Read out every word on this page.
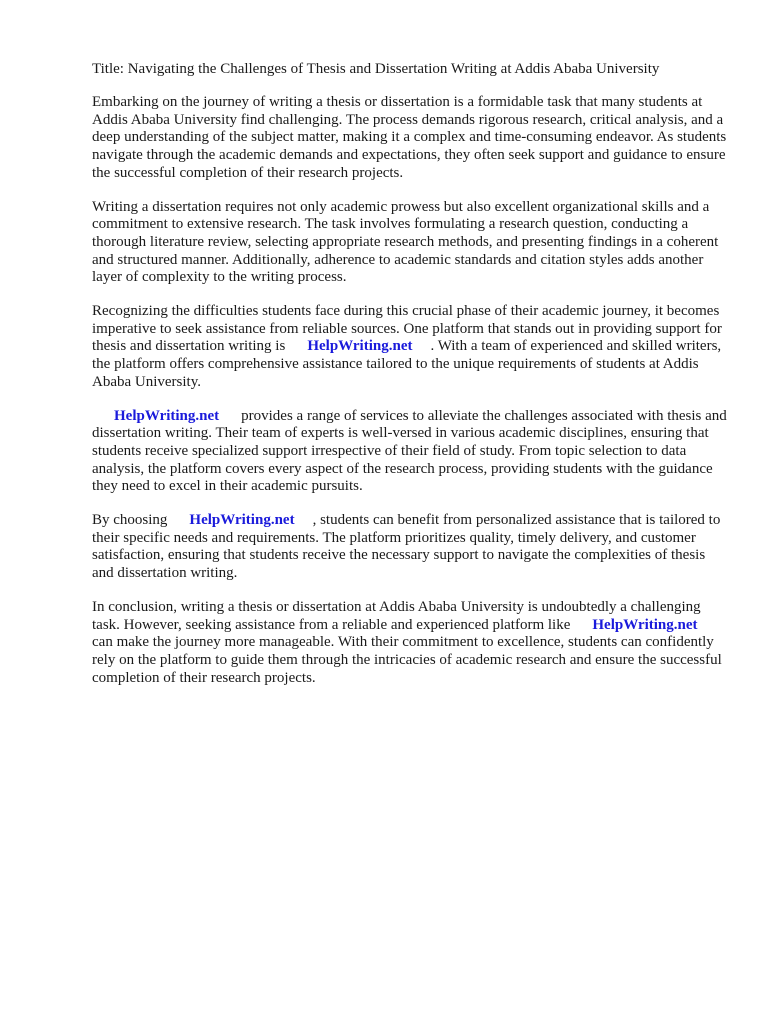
Title: Navigating the Challenges of Thesis and Dissertation Writing at Addis Ababa University

Embarking on the journey of writing a thesis or dissertation is a formidable task that many students at Addis Ababa University find challenging. The process demands rigorous research, critical analysis, and a deep understanding of the subject matter, making it a complex and time-consuming endeavor. As students navigate through the academic demands and expectations, they often seek support and guidance to ensure the successful completion of their research projects.

Writing a dissertation requires not only academic prowess but also excellent organizational skills and a commitment to extensive research. The task involves formulating a research question, conducting a thorough literature review, selecting appropriate research methods, and presenting findings in a coherent and structured manner. Additionally, adherence to academic standards and citation styles adds another layer of complexity to the writing process.

Recognizing the difficulties students face during this crucial phase of their academic journey, it becomes imperative to seek assistance from reliable sources. One platform that stands out in providing support for thesis and dissertation writing is HelpWriting.net . With a team of experienced and skilled writers, the platform offers comprehensive assistance tailored to the unique requirements of students at Addis Ababa University.

HelpWriting.net provides a range of services to alleviate the challenges associated with thesis and dissertation writing. Their team of experts is well-versed in various academic disciplines, ensuring that students receive specialized support irrespective of their field of study. From topic selection to data analysis, the platform covers every aspect of the research process, providing students with the guidance they need to excel in their academic pursuits.

By choosing HelpWriting.net , students can benefit from personalized assistance that is tailored to their specific needs and requirements. The platform prioritizes quality, timely delivery, and customer satisfaction, ensuring that students receive the necessary support to navigate the complexities of thesis and dissertation writing.

In conclusion, writing a thesis or dissertation at Addis Ababa University is undoubtedly a challenging task. However, seeking assistance from a reliable and experienced platform like HelpWriting.netcan make the journey more manageable. With their commitment to excellence, students can confidently rely on the platform to guide them through the intricacies of academic research and ensure the successful completion of their research projects.
